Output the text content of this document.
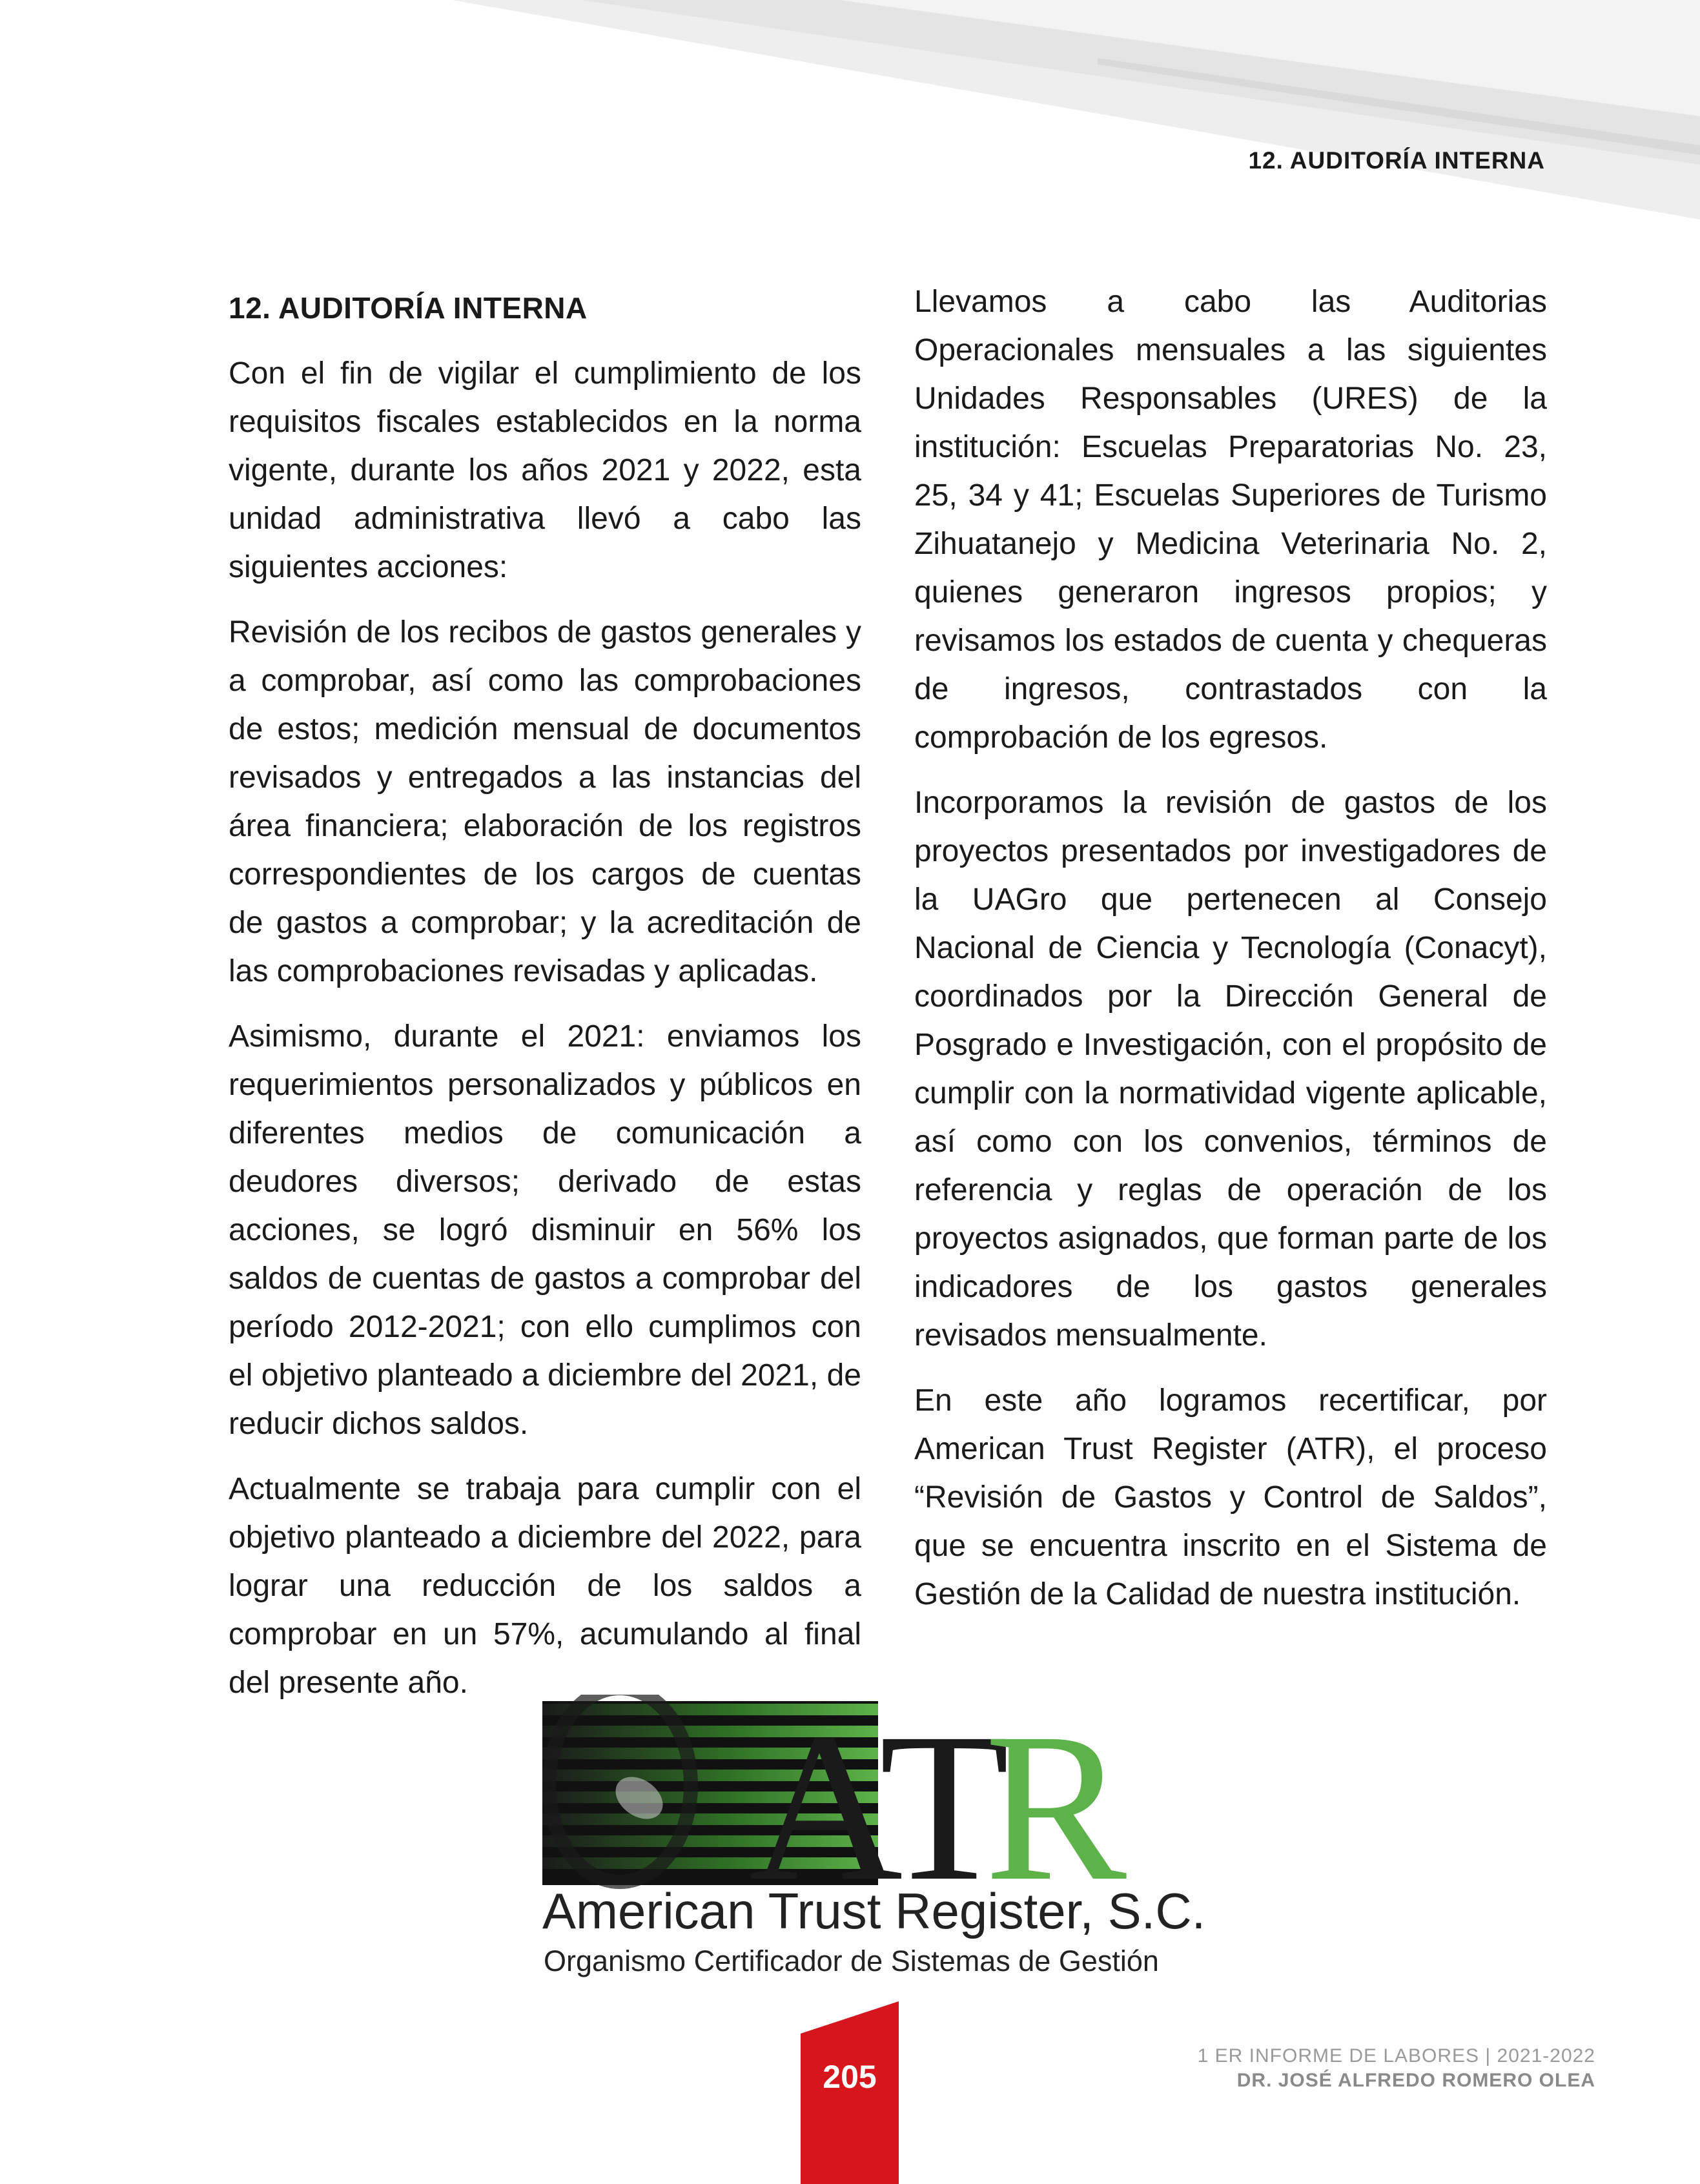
12. AUDITORÍA INTERNA
12. AUDITORÍA INTERNA

Con el fin de vigilar el cumplimiento de los requisitos fiscales establecidos en la norma vigente, durante los años 2021 y 2022, esta unidad administrativa llevó a cabo las siguientes acciones:

Revisión de los recibos de gastos generales y a comprobar, así como las comprobaciones de estos; medición mensual de documentos revisados y entregados a las instancias del área financiera; elaboración de los registros correspondientes de los cargos de cuentas de gastos a comprobar; y la acreditación de las comprobaciones revisadas y aplicadas.

Asimismo, durante el 2021: enviamos los requerimientos personalizados y públicos en diferentes medios de comunicación a deudores diversos; derivado de estas acciones, se logró disminuir en 56% los saldos de cuentas de gastos a comprobar del período 2012-2021; con ello cumplimos con el objetivo planteado a diciembre del 2021, de reducir dichos saldos.

Actualmente se trabaja para cumplir con el objetivo planteado a diciembre del 2022, para lograr una reducción de los saldos a comprobar en un 57%, acumulando al final del presente año.

Llevamos a cabo las Auditorias Operacionales mensuales a las siguientes Unidades Responsables (URES) de la institución: Escuelas Preparatorias No. 23, 25, 34 y 41; Escuelas Superiores de Turismo Zihuatanejo y Medicina Veterinaria No. 2, quienes generaron ingresos propios; y revisamos los estados de cuenta y chequeras de ingresos, contrastados con la comprobación de los egresos.

Incorporamos la revisión de gastos de los proyectos presentados por investigadores de la UAGro que pertenecen al Consejo Nacional de Ciencia y Tecnología (Conacyt), coordinados por la Dirección General de Posgrado e Investigación, con el propósito de cumplir con la normatividad vigente aplicable, así como con los convenios, términos de referencia y reglas de operación de los proyectos asignados, que forman parte de los indicadores de los gastos generales revisados mensualmente.

En este año logramos recertificar, por American Trust Register (ATR), el proceso “Revisión de Gastos y Control de Saldos”, que se encuentra inscrito en el Sistema de Gestión de la Calidad de nuestra institución.

AT
R
American Trust Register, S.C.
Organismo Certificador de Sistemas de Gestión
205
1 ER INFORME DE LABORES | 2021-2022
DR. JOSÉ ALFREDO ROMERO OLEA
